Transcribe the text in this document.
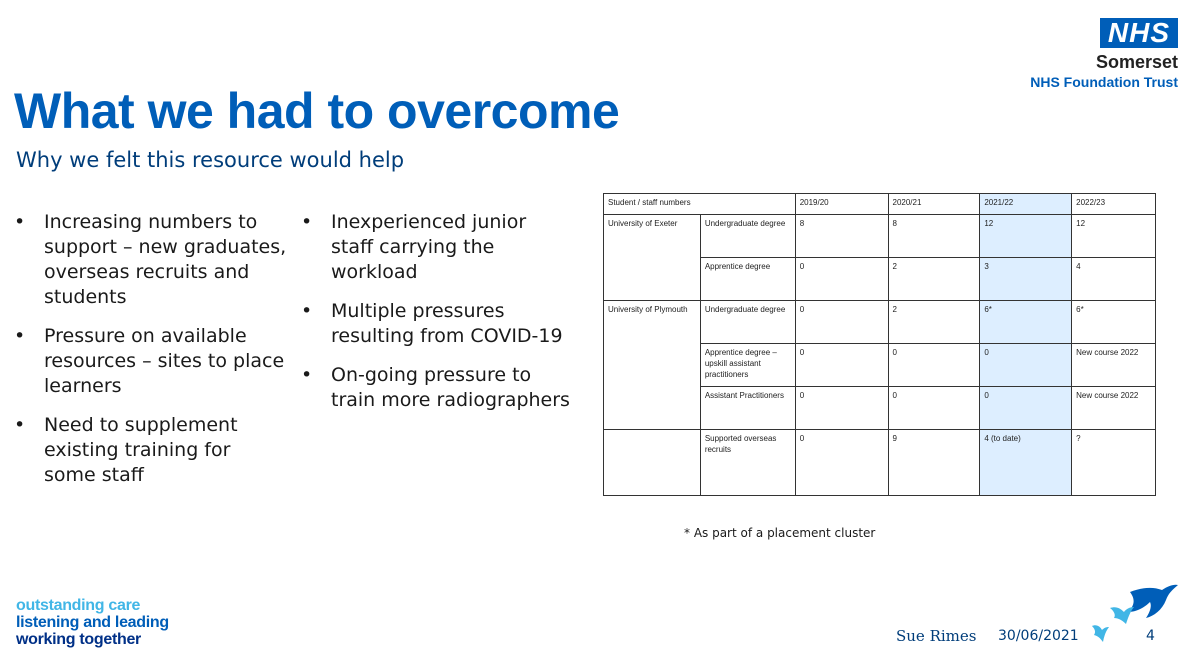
NHS
Somerset
NHS Foundation Trust
What we had to overcome
Why we felt this resource would help
• Increasing numbers to support – new graduates, overseas recruits and students
• Pressure on available resources – sites to place learners
• Need to supplement existing training for some staff
• Inexperienced junior staff carrying the workload
• Multiple pressures resulting from COVID-19
• On-going pressure to train more radiographers
Student / staff numbers		2019/20	2020/21	2021/22	2022/23
University of Exeter	Undergraduate degree	8	8	12	12
	Apprentice degree	0	2	3	4
University of Plymouth	Undergraduate degree	0	2	6*	6*
	Apprentice degree – upskill assistant practitioners	0	0	0	New course 2022
	Assistant Practitioners	0	0	0	New course 2022
	Supported overseas recruits	0	9	4 (to date)	?
* As part of a placement cluster
outstanding care
listening and leading
working together	Sue Rimes 30/06/2021	4
